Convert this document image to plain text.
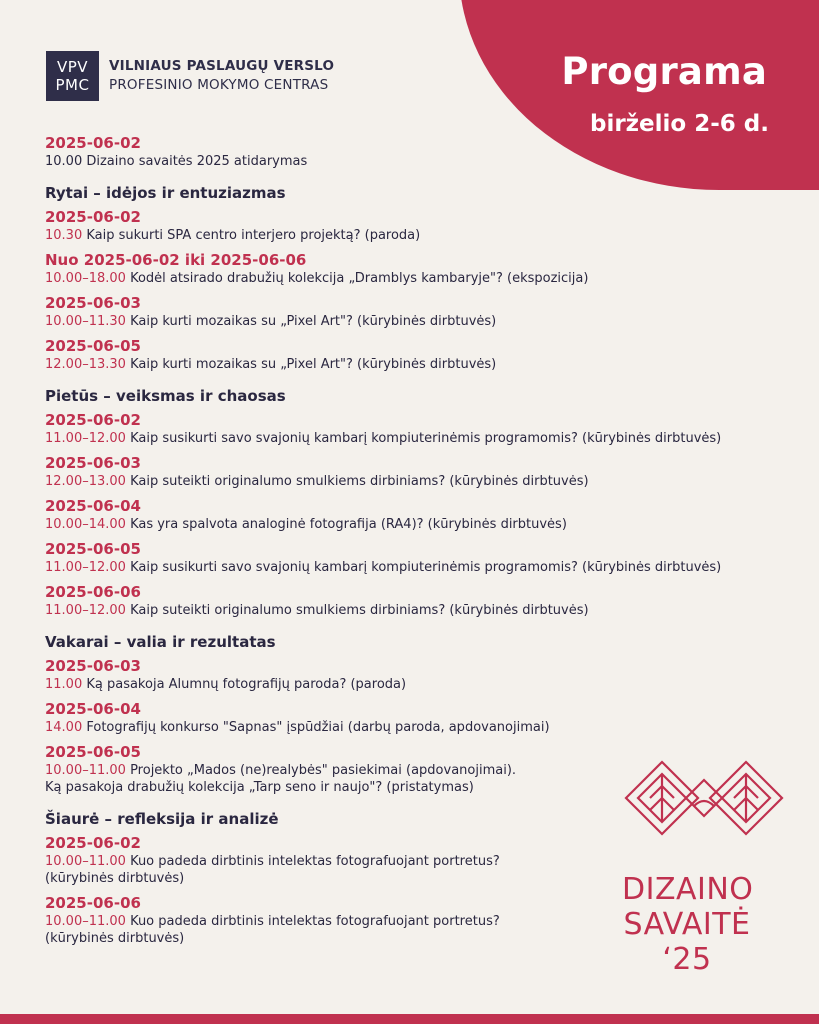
Programa
birželio 2-6 d.
VPV
PMC
VILNIAUS PASLAUGŲ VERSLO
PROFESINIO MOKYMO CENTRAS
2025-06-02
10.00 Dizaino savaitės 2025 atidarymas
Rytai – idėjos ir entuziazmas
2025-06-02
10.30 Kaip sukurti SPA centro interjero projektą? (paroda)
Nuo 2025-06-02 iki 2025-06-06
10.00–18.00 Kodėl atsirado drabužių kolekcija „Dramblys kambaryje"? (ekspozicija)
2025-06-03
10.00–11.30 Kaip kurti mozaikas su „Pixel Art"? (kūrybinės dirbtuvės)
2025-06-05
12.00–13.30 Kaip kurti mozaikas su „Pixel Art"? (kūrybinės dirbtuvės)
Pietūs – veiksmas ir chaosas
2025-06-02
11.00–12.00 Kaip susikurti savo svajonių kambarį kompiuterinėmis programomis? (kūrybinės dirbtuvės)
2025-06-03
12.00–13.00 Kaip suteikti originalumo smulkiems dirbiniams? (kūrybinės dirbtuvės)
2025-06-04
10.00–14.00 Kas yra spalvota analoginė fotografija (RA4)? (kūrybinės dirbtuvės)
2025-06-05
11.00–12.00 Kaip susikurti savo svajonių kambarį kompiuterinėmis programomis? (kūrybinės dirbtuvės)
2025-06-06
11.00–12.00 Kaip suteikti originalumo smulkiems dirbiniams? (kūrybinės dirbtuvės)
Vakarai – valia ir rezultatas
2025-06-03
11.00 Ką pasakoja Alumnų fotografijų paroda? (paroda)
2025-06-04
14.00 Fotografijų konkurso "Sapnas" įspūdžiai (darbų paroda, apdovanojimai)
2025-06-05
10.00–11.00 Projekto „Mados (ne)realybės" pasiekimai (apdovanojimai).
Ką pasakoja drabužių kolekcija „Tarp seno ir naujo"? (pristatymas)
Šiaurė – refleksija ir analizė
2025-06-02
10.00–11.00 Kuo padeda dirbtinis intelektas fotografuojant portretus?
(kūrybinės dirbtuvės)
2025-06-06
10.00–11.00 Kuo padeda dirbtinis intelektas fotografuojant portretus?
(kūrybinės dirbtuvės)
DIZAINO
SAVAITĖ
‘25
